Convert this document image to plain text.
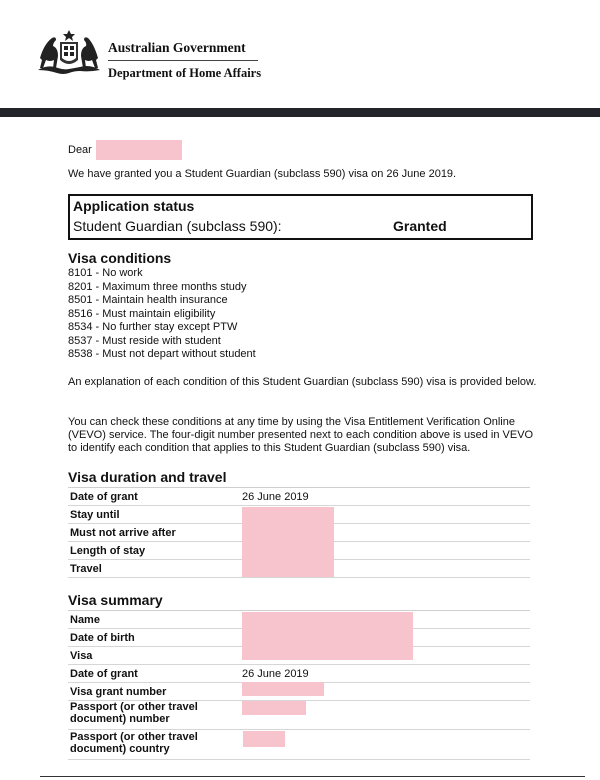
Australian Government
Department of Home Affairs
Dear
We have granted you a Student Guardian (subclass 590) visa on 26 June 2019.
Application status
Student Guardian (subclass 590):	Granted
Visa conditions
8101 - No work
8201 - Maximum three months study
8501 - Maintain health insurance
8516 - Must maintain eligibility
8534 - No further stay except PTW
8537 - Must reside with student
8538 - Must not depart without student

An explanation of each condition of this Student Guardian (subclass 590) visa is provided below.

You can check these conditions at any time by using the Visa Entitlement Verification Online (VEVO) service. The four-digit number presented next to each condition above is used in VEVO to identify each condition that applies to this Student Guardian (subclass 590) visa.

Visa duration and travel
Date of grant	26 June 2019
Stay until
Must not arrive after
Length of stay
Travel
Visa summary
Name
Date of birth
Visa
Date of grant	26 June 2019
Visa grant number
Passport (or other travel document) number
Passport (or other travel document) country
